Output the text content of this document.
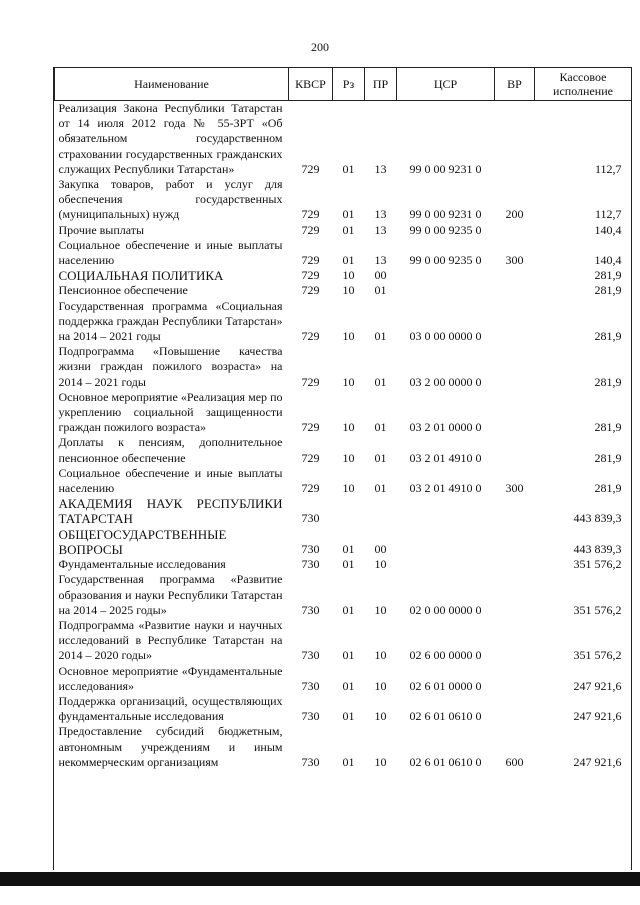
200
Наименование	КВСР	Рз	ПР	ЦСР	ВР	Кассовое исполнение
Реализация Закона Республики Татарстан от 14 июля 2012 года № 55-ЗРТ «Об обязательном государственном страховании государственных гражданских служащих Республики Татарстан»	729	01	13	99 0 00 9231 0		112,7
Закупка товаров, работ и услуг для обеспечения государственных (муниципальных) нужд	729	01	13	99 0 00 9231 0	200	112,7
Прочие выплаты	729	01	13	99 0 00 9235 0		140,4
Социальное обеспечение и иные выплаты населению	729	01	13	99 0 00 9235 0	300	140,4
СОЦИАЛЬНАЯ ПОЛИТИКА	729	10	00			281,9
Пенсионное обеспечение	729	10	01			281,9
Государственная программа «Социальная поддержка граждан Республики Татарстан» на 2014 – 2021 годы	729	10	01	03 0 00 0000 0		281,9
Подпрограмма «Повышение качества жизни граждан пожилого возраста» на 2014 – 2021 годы	729	10	01	03 2 00 0000 0		281,9
Основное мероприятие «Реализация мер по укреплению социальной защищенности граждан пожилого возраста»	729	10	01	03 2 01 0000 0		281,9
Доплаты к пенсиям, дополнительное пенсионное обеспечение	729	10	01	03 2 01 4910 0		281,9
Социальное обеспечение и иные выплаты населению	729	10	01	03 2 01 4910 0	300	281,9
АКАДЕМИЯ НАУК РЕСПУБЛИКИ ТАТАРСТАН	730					443 839,3
ОБЩЕГОСУДАРСТВЕННЫЕ ВОПРОСЫ	730	01	00			443 839,3
Фундаментальные исследования	730	01	10			351 576,2
Государственная программа «Развитие образования и науки Республики Татарстан на 2014 – 2025 годы»	730	01	10	02 0 00 0000 0		351 576,2
Подпрограмма «Развитие науки и научных исследований в Республике Татарстан на 2014 – 2020 годы»	730	01	10	02 6 00 0000 0		351 576,2
Основное мероприятие «Фундаментальные исследования»	730	01	10	02 6 01 0000 0		247 921,6
Поддержка организаций, осуществляющих фундаментальные исследования	730	01	10	02 6 01 0610 0		247 921,6
Предоставление субсидий бюджетным, автономным учреждениям и иным некоммерческим организациям	730	01	10	02 6 01 0610 0	600	247 921,6
